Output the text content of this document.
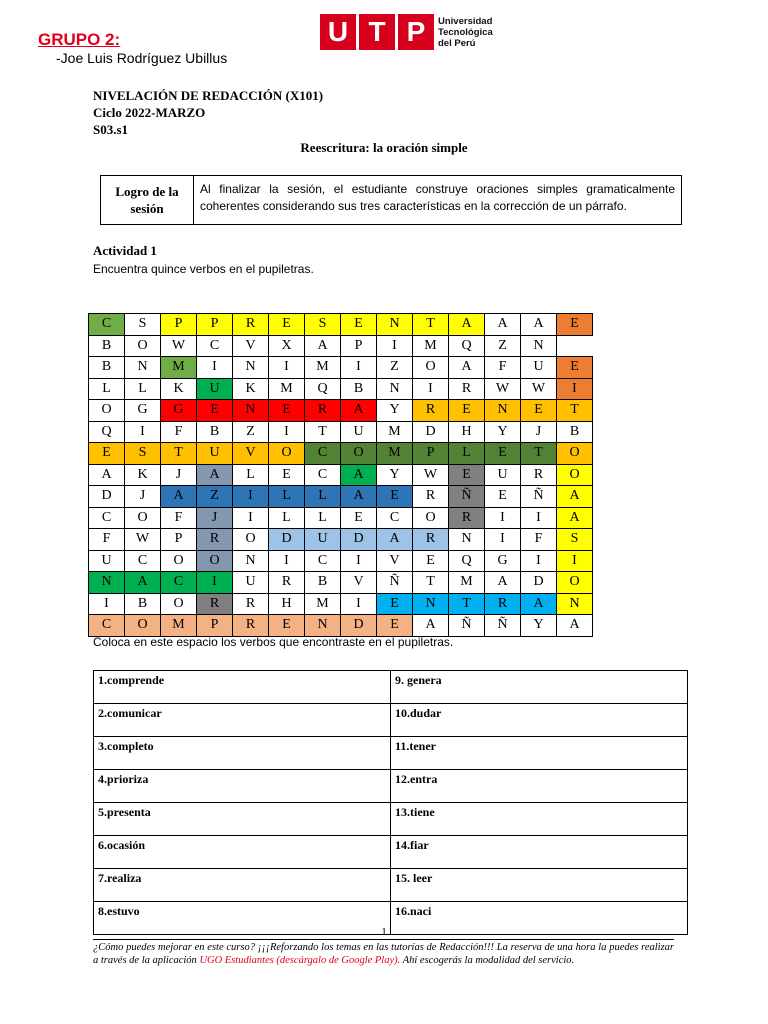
GRUPO 2:
-Joe Luis Rodríguez Ubillus
U T P	Universidad
Tecnológica
del Perú
NIVELACIÓN DE REDACCIÓN (X101)
Ciclo 2022-MARZO
S03.s1
Reescritura: la oración simple
Logro de la sesión
Al finalizar la sesión, el estudiante construye oraciones simples gramaticalmente coherentes considerando sus tres características en la corrección de un párrafo.
Actividad 1
Encuentra quince verbos en el pupiletras.
C	S	P	P	R	E	S	E	N	T	A	A	A	E
B	O	W	C	V	X	A	P	I	M	Q	Z	N	
B	N	M	I	N	I	M	I	Z	O	A	F	U	E
L	L	K	U	K	M	Q	B	N	I	R	W	W	I
O	G	G	E	N	E	R	A	Y	R	E	N	E	T
Q	I	F	B	Z	I	T	U	M	D	H	Y	J	B
E	S	T	U	V	O	C	O	M	P	L	E	T	O
A	K	J	A	L	E	C	A	Y	W	E	U	R	O
D	J	A	Z	I	L	L	A	E	R	Ñ	E	Ñ	A
C	O	F	J	I	L	L	E	C	O	R	I	I	A
F	W	P	R	O	D	U	D	A	R	N	I	F	S
U	C	O	O	N	I	C	I	V	E	Q	G	I	I
N	A	C	I	U	R	B	V	Ñ	T	M	A	D	O
I	B	O	R	R	H	M	I	E	N	T	R	A	N
C	O	M	P	R	E	N	D	E	A	Ñ	Ñ	Y	A
Coloca en este espacio los verbos que encontraste en el pupiletras.
1.comprende	9. genera
2.comunicar	10.dudar
3.completo	11.tener
4.prioriza	12.entra
5.presenta	13.tiene
6.ocasión	14.fiar
7.realiza	15. leer
8.estuvo	16.naci
1
¿Cómo puedes mejorar en este curso? ¡¡¡Reforzando los temas en las tutorías de Redacción!!! La reserva de una hora la puedes realizar a través de la aplicación UGO Estudiantes (descárgalo de Google Play). Ahí escogerás la modalidad del servicio.
